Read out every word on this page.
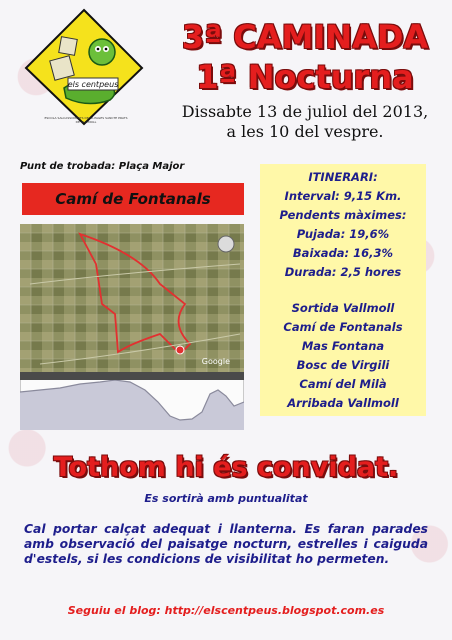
els centpeus
ESCOLA SALCASSOMERTS DE LA PAGES SANCTE PRATS DE VALLMOLL
3ª CAMINADA
1ª Nocturna
Dissabte 13 de juliol del 2013,
a les 10 del vespre.
Punt de trobada: Plaça Major
Camí de Fontanals
Google
ITINERARI:
Interval: 9,15 Km.
Pendents màximes:
Pujada: 19,6%
Baixada: 16,3%
Durada: 2,5 hores
Sortida Vallmoll
Camí de Fontanals
Mas Fontana
Bosc de Virgili
Camí del Milà
Arribada Vallmoll
Tothom hi és convidat.
Es sortirà amb puntualitat
Cal portar calçat adequat i llanterna. Es faran parades amb observació del paisatge nocturn, estrelles i caiguda d'estels, si les condicions de visibilitat ho permeten.
Seguiu el blog: http://elscentpeus.blogspot.com.es
